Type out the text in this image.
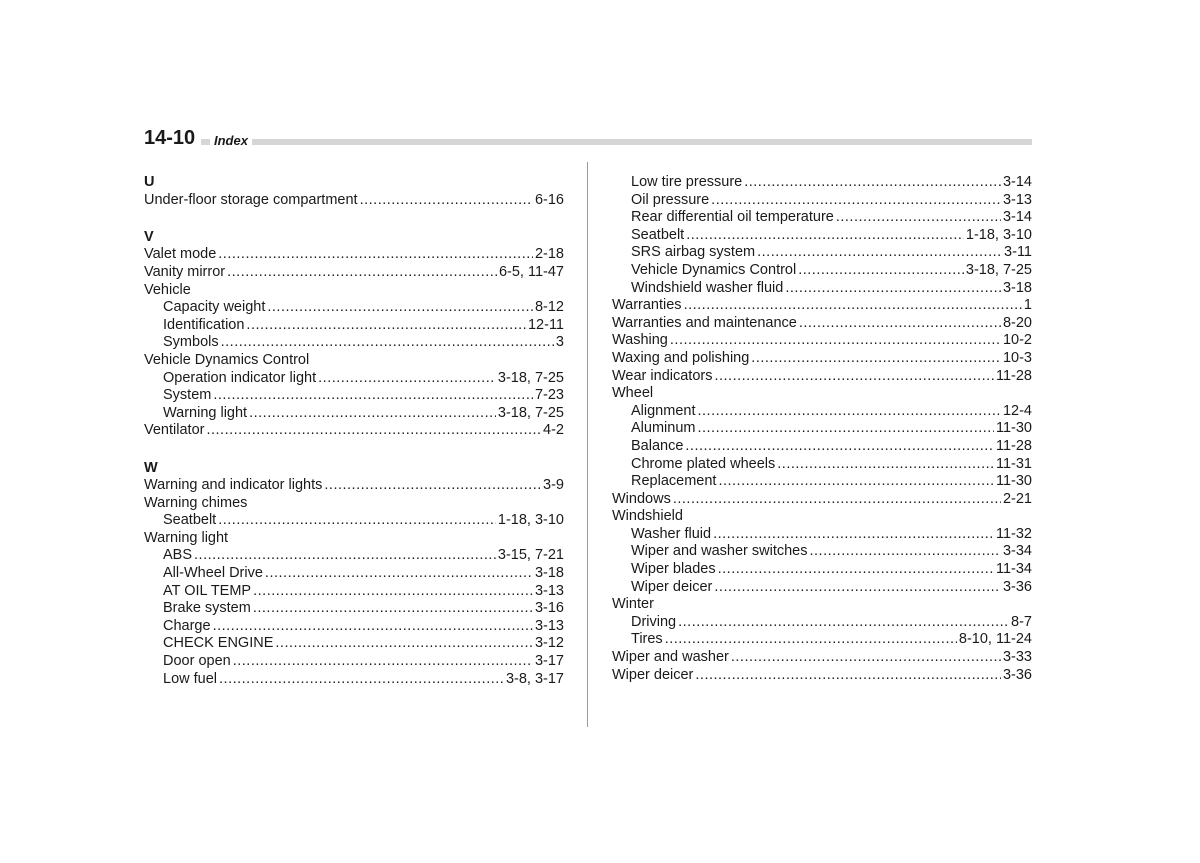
14-10	Index
U
Under-floor storage compartment .....	6-16
V
Valet mode .....	2-18
Vanity mirror .....	6-5, 11-47
Vehicle
Capacity weight .....	8-12
Identification .....	12-11
Symbols .....	3
Vehicle Dynamics Control
Operation indicator light .....	3-18, 7-25
System .....	7-23
Warning light .....	3-18, 7-25
Ventilator .....	4-2
W
Warning and indicator lights .....	3-9
Warning chimes
Seatbelt .....	1-18, 3-10
Warning light
ABS .....	3-15, 7-21
All-Wheel Drive .....	3-18
AT OIL TEMP .....	3-13
Brake system .....	3-16
Charge .....	3-13
CHECK ENGINE .....	3-12
Door open .....	3-17
Low fuel .....	3-8, 3-17
Low tire pressure .....	3-14
Oil pressure .....	3-13
Rear differential oil temperature .....	3-14
Seatbelt .....	1-18, 3-10
SRS airbag system .....	3-11
Vehicle Dynamics Control .....	3-18, 7-25
Windshield washer fluid .....	3-18
Warranties .....	1
Warranties and maintenance .....	8-20
Washing .....	10-2
Waxing and polishing .....	10-3
Wear indicators .....	11-28
Wheel
Alignment .....	12-4
Aluminum .....	11-30
Balance .....	11-28
Chrome plated wheels .....	11-31
Replacement .....	11-30
Windows .....	2-21
Windshield
Washer fluid .....	11-32
Wiper and washer switches .....	3-34
Wiper blades .....	11-34
Wiper deicer .....	3-36
Winter
Driving .....	8-7
Tires .....	8-10, 11-24
Wiper and washer .....	3-33
Wiper deicer .....	3-36
